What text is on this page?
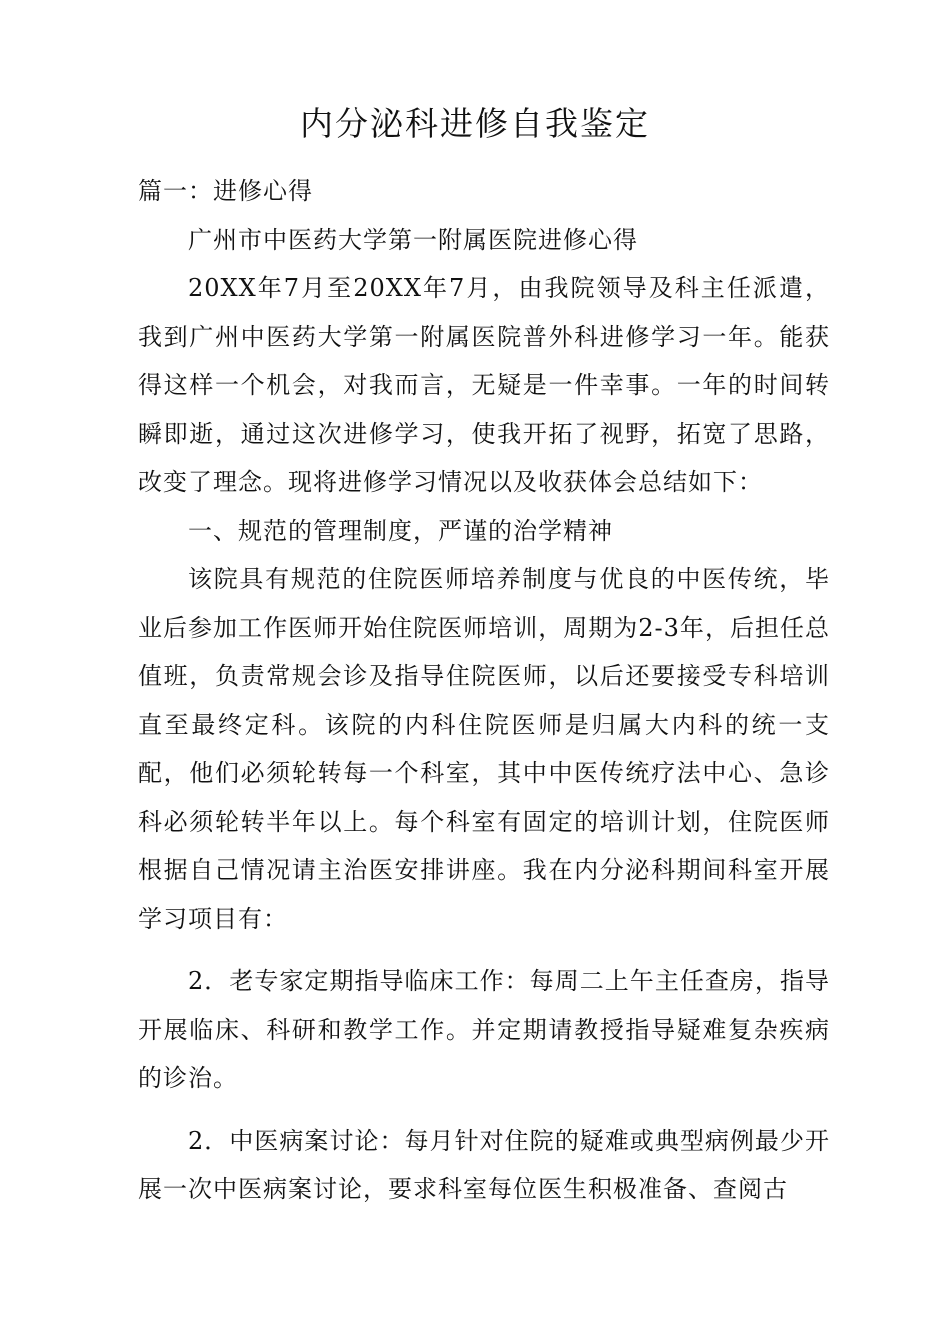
内分泌科进修自我鉴定

篇一：进修心得

广州市中医药大学第一附属医院进修心得

20XX年7月至20XX年7月，由我院领导及科主任派遣，我到广州中医药大学第一附属医院普外科进修学习一年。能获得这样一个机会，对我而言，无疑是一件幸事。一年的时间转瞬即逝，通过这次进修学习，使我开拓了视野，拓宽了思路，改变了理念。现将进修学习情况以及收获体会总结如下：

一、规范的管理制度，严谨的治学精神

该院具有规范的住院医师培养制度与优良的中医传统，毕业后参加工作医师开始住院医师培训，周期为2-3年，后担任总值班，负责常规会诊及指导住院医师，以后还要接受专科培训直至最终定科。该院的内科住院医师是归属大内科的统一支配，他们必须轮转每一个科室，其中中医传统疗法中心、急诊科必须轮转半年以上。每个科室有固定的培训计划，住院医师根据自己情况请主治医安排讲座。我在内分泌科期间科室开展学习项目有：

2．老专家定期指导临床工作：每周二上午主任查房，指导开展临床、科研和教学工作。并定期请教授指导疑难复杂疾病的诊治。

2．中医病案讨论：每月针对住院的疑难或典型病例最少开展一次中医病案讨论，要求科室每位医生积极准备、查阅古
